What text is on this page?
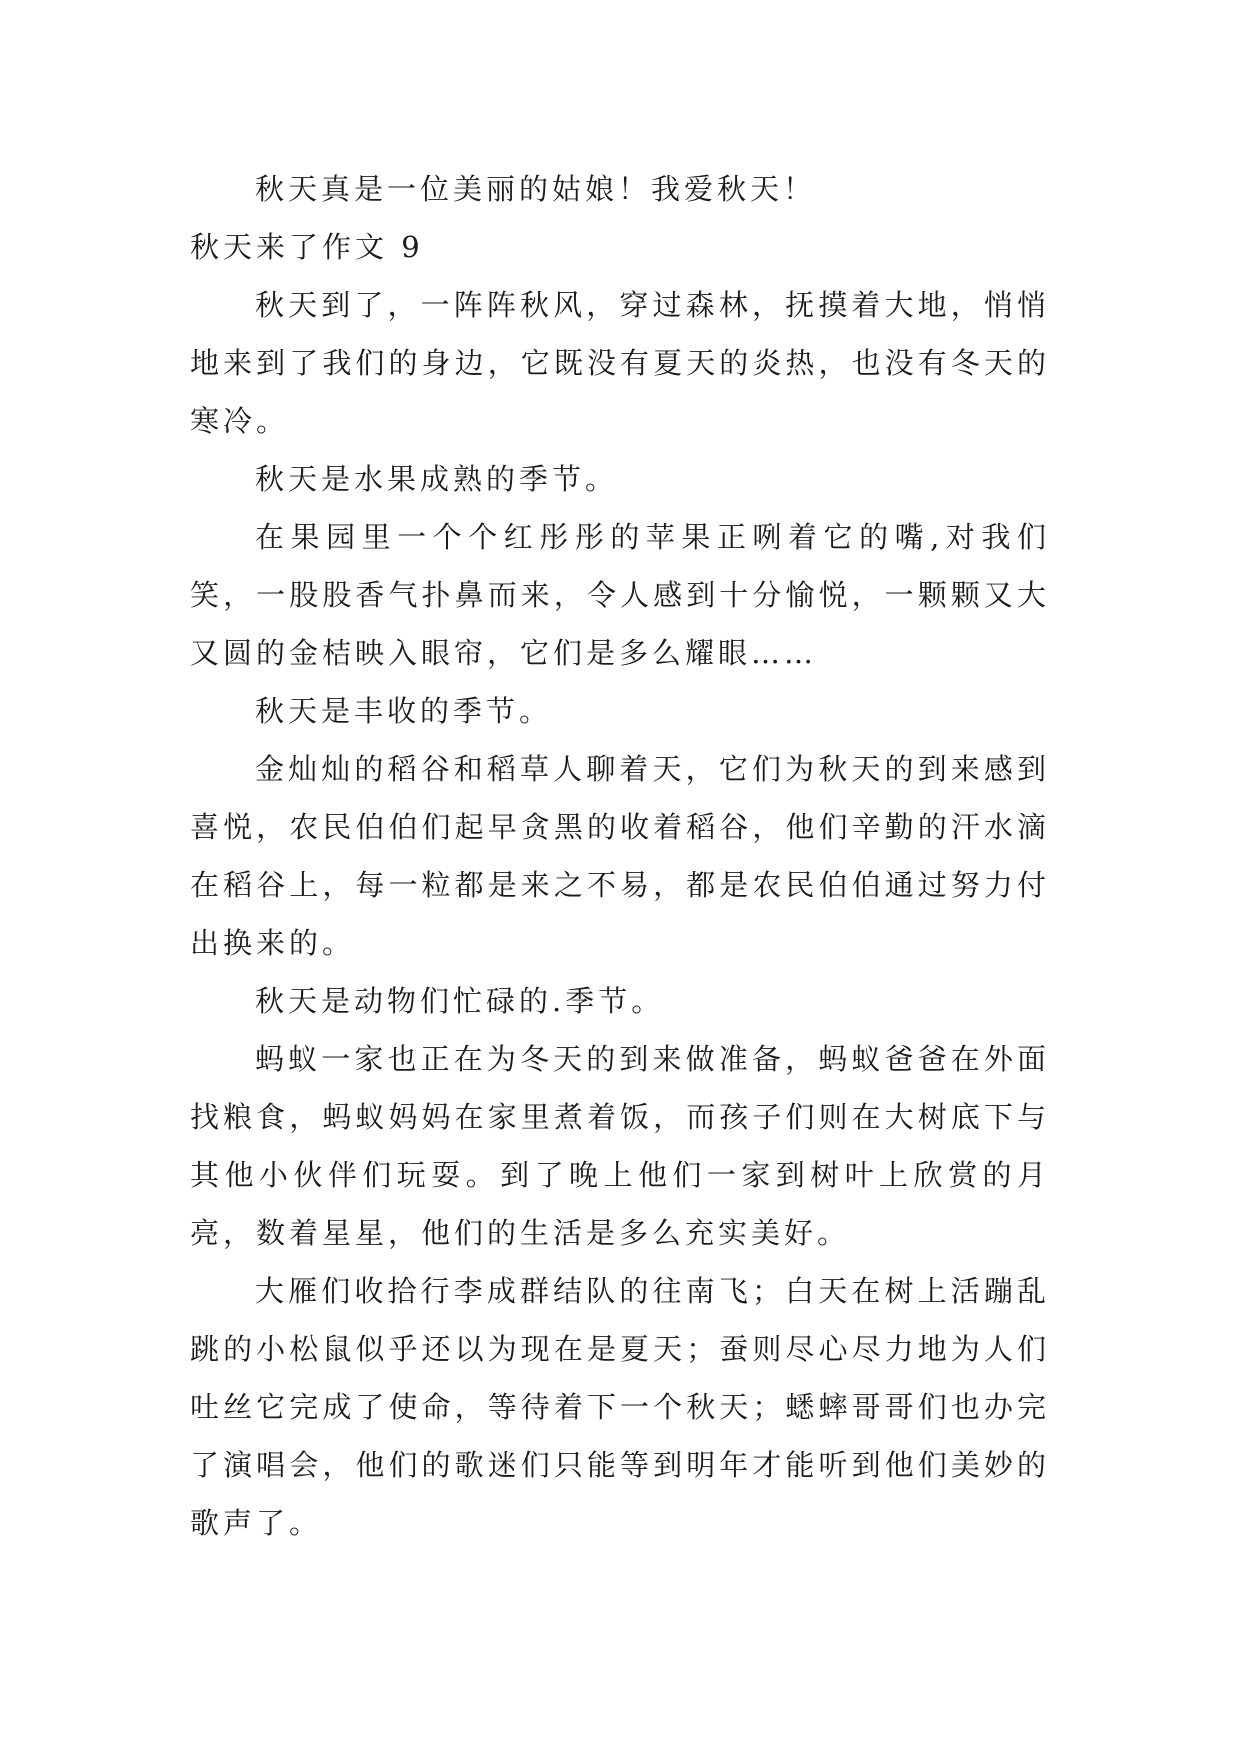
秋天真是一位美丽的姑娘！我爱秋天！

秋天来了作文 9

秋天到了，一阵阵秋风，穿过森林，抚摸着大地，悄悄地来到了我们的身边，它既没有夏天的炎热，也没有冬天的寒冷。

秋天是水果成熟的季节。

在果园里一个个红彤彤的苹果正咧着它的嘴,对我们笑，一股股香气扑鼻而来，令人感到十分愉悦，一颗颗又大又圆的金桔映入眼帘，它们是多么耀眼……

秋天是丰收的季节。

金灿灿的稻谷和稻草人聊着天，它们为秋天的到来感到喜悦，农民伯伯们起早贪黑的收着稻谷，他们辛勤的汗水滴在稻谷上，每一粒都是来之不易，都是农民伯伯通过努力付出换来的。

秋天是动物们忙碌的.季节。

蚂蚁一家也正在为冬天的到来做准备，蚂蚁爸爸在外面找粮食，蚂蚁妈妈在家里煮着饭，而孩子们则在大树底下与其他小伙伴们玩耍。到了晚上他们一家到树叶上欣赏的月亮，数着星星，他们的生活是多么充实美好。

大雁们收拾行李成群结队的往南飞；白天在树上活蹦乱跳的小松鼠似乎还以为现在是夏天；蚕则尽心尽力地为人们吐丝它完成了使命，等待着下一个秋天；蟋蟀哥哥们也办完了演唱会，他们的歌迷们只能等到明年才能听到他们美妙的歌声了。
